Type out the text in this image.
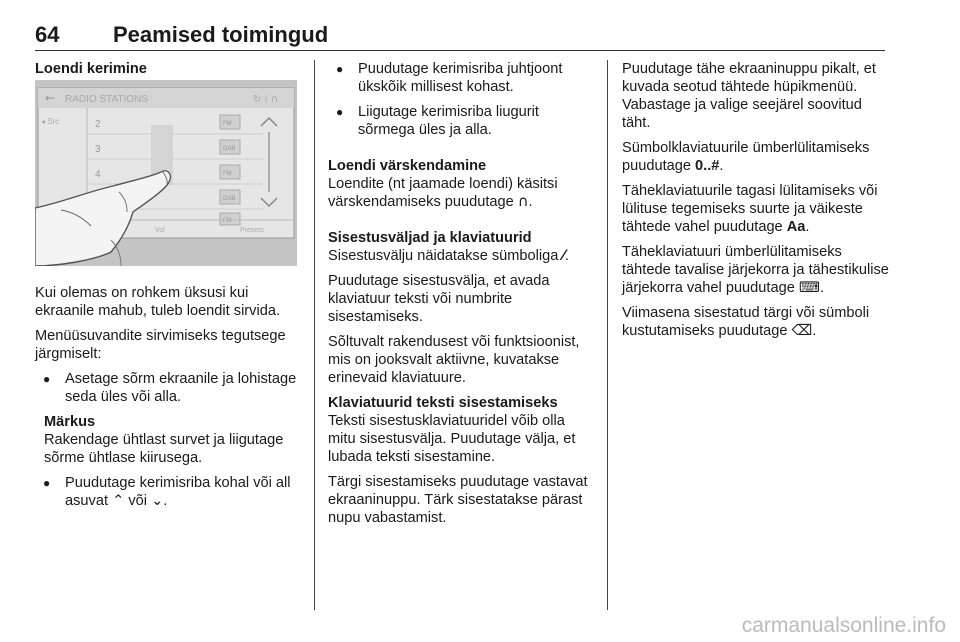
64 Peamised toimingud

Loendi kerimine

← RADIO STATIONS	↻ ⁞ ∩
◂ Src	2
3
4
FM
DAB
FM
DAB
FM
Vol	Presets

Kui olemas on rohkem üksusi kui ekraanile mahub, tuleb loendit sirvida.

Menüüsuvandite sirvimiseks tegutsege järgmiselt:

● Asetage sõrm ekraanile ja lohistage seda üles või alla.

Märkus

Rakendage ühtlast survet ja liigutage sõrme ühtlase kiirusega.
● Puudutage kerimisriba kohal või all asuvat ⌃ või ⌄.
● Puudutage kerimisriba juhtjoont ükskõik millisest kohast.
● Liigutage kerimisriba liugurit sõrmega üles ja alla.

Loendi värskendamine

Loendite (nt jaamade loendi) käsitsi värskendamiseks puudutage ∩.

Sisestusväljad ja klaviatuurid

Sisestusvälju näidatakse sümboliga ⁄.

Puudutage sisestusvälja, et avada klaviatuur teksti või numbrite sisestamiseks.

Sõltuvalt rakendusest või funktsioonist, mis on jooksvalt aktiivne, kuvatakse erinevaid klaviatuure.

Klaviatuurid teksti sisestamiseks

Teksti sisestusklaviatuuridel võib olla mitu sisestusvälja. Puudutage välja, et lubada teksti sisestamine.

Tärgi sisestamiseks puudutage vastavat ekraaninuppu. Tärk sisestatakse pärast nupu vabastamist.

Puudutage tähe ekraaninuppu pikalt, et kuvada seotud tähtede hüpikmenüü. Vabastage ja valige seejärel soovitud täht.

Sümbolklaviatuurile ümberlülitamiseks puudutage 0..#.

Täheklaviatuurile tagasi lülitamiseks või lülituse tegemiseks suurte ja väikeste tähtede vahel puudutage Aa.

Täheklaviatuuri ümberlülitamiseks tähtede tavalise järjekorra ja tähestikulise järjekorra vahel puudutage ⌨.

Viimasena sisestatud tärgi või sümboli kustutamiseks puudutage ⌫.

carmanualsonline.info
